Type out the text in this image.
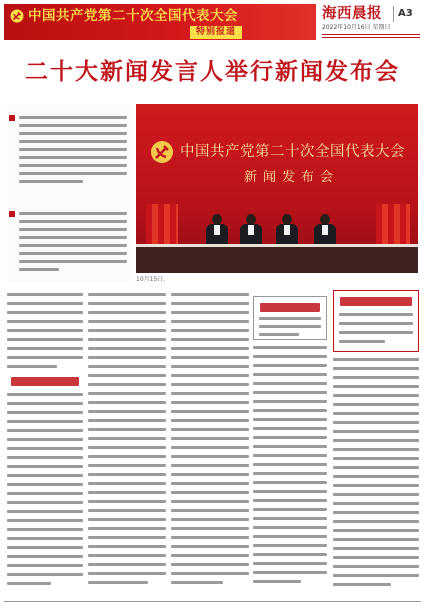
中国共产党第二十次全国代表大会
特别报道
海西晨报	A3
2022年10月16日 星期日
二十大新闻发言人举行新闻发布会
中国共产党第二十次全国代表大会
新闻发布会
10月15日，
